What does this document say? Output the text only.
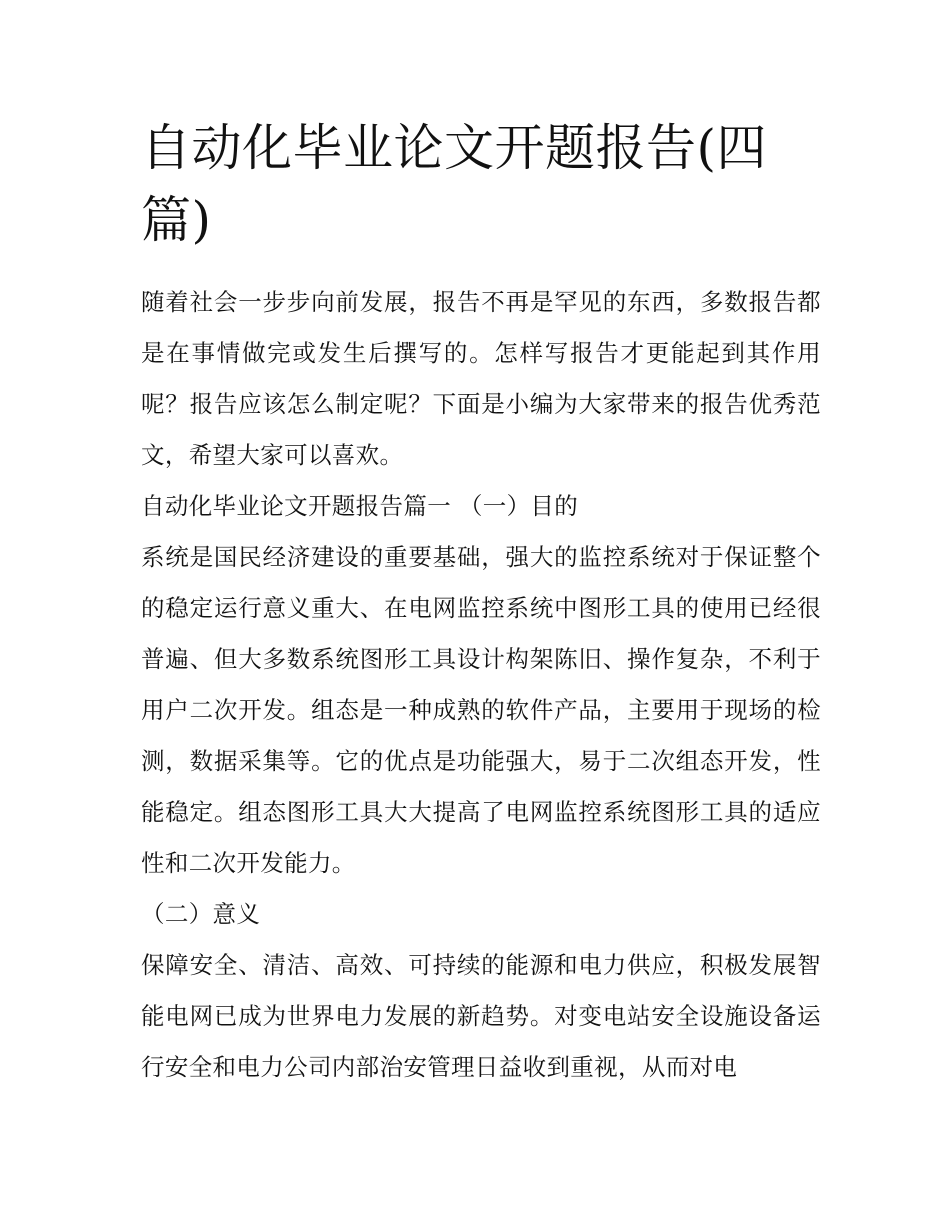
自动化毕业论文开题报告(四篇)

随着社会一步步向前发展，报告不再是罕见的东西，多数报告都是在事情做完或发生后撰写的。怎样写报告才更能起到其作用呢？报告应该怎么制定呢？下面是小编为大家带来的报告优秀范文，希望大家可以喜欢。

自动化毕业论文开题报告篇一 （一）目的

系统是国民经济建设的重要基础，强大的监控系统对于保证整个的稳定运行意义重大、在电网监控系统中图形工具的使用已经很普遍、但大多数系统图形工具设计构架陈旧、操作复杂，不利于用户二次开发。组态是一种成熟的软件产品，主要用于现场的检测，数据采集等。它的优点是功能强大，易于二次组态开发，性能稳定。组态图形工具大大提高了电网监控系统图形工具的适应性和二次开发能力。

（二）意义

保障安全、清洁、高效、可持续的能源和电力供应，积极发展智能电网已成为世界电力发展的新趋势。对变电站安全设施设备运行安全和电力公司内部治安管理日益收到重视，从而对电
